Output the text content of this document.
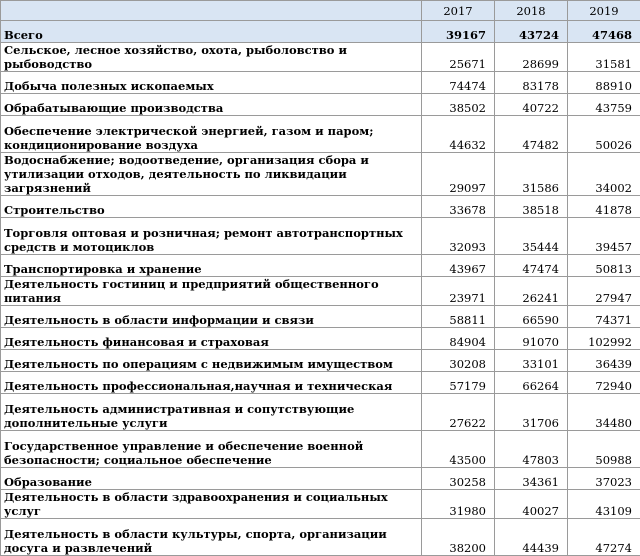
	2017	2018	2019
Всего	39167	43724	47468
Сельское, лесное хозяйство, охота, рыболовство и рыбоводство	25671	28699	31581
Добыча полезных ископаемых	74474	83178	88910
Обрабатывающие производства	38502	40722	43759
Обеспечение электрической энергией, газом и паром; кондиционирование воздуха	44632	47482	50026
Водоснабжение; водоотведение, организация сбора и утилизации отходов, деятельность по ликвидации загрязнений	29097	31586	34002
Строительство	33678	38518	41878
Торговля оптовая и розничная; ремонт автотранспортных средств и мотоциклов	32093	35444	39457
Транспортировка и хранение	43967	47474	50813
Деятельность гостиниц и предприятий общественного питания	23971	26241	27947
Деятельность в области информации и связи	58811	66590	74371
Деятельность финансовая и страховая	84904	91070	102992
Деятельность по операциям с недвижимым имуществом	30208	33101	36439
Деятельность профессиональная,научная и техническая	57179	66264	72940
Деятельность административная и сопутствующие дополнительные услуги	27622	31706	34480
Государственное управление и обеспечение военной безопасности; социальное обеспечение	43500	47803	50988
Образование	30258	34361	37023
Деятельность в области здравоохранения и социальных услуг	31980	40027	43109
Деятельность в области культуры, спорта, организации досуга и развлечений	38200	44439	47274
